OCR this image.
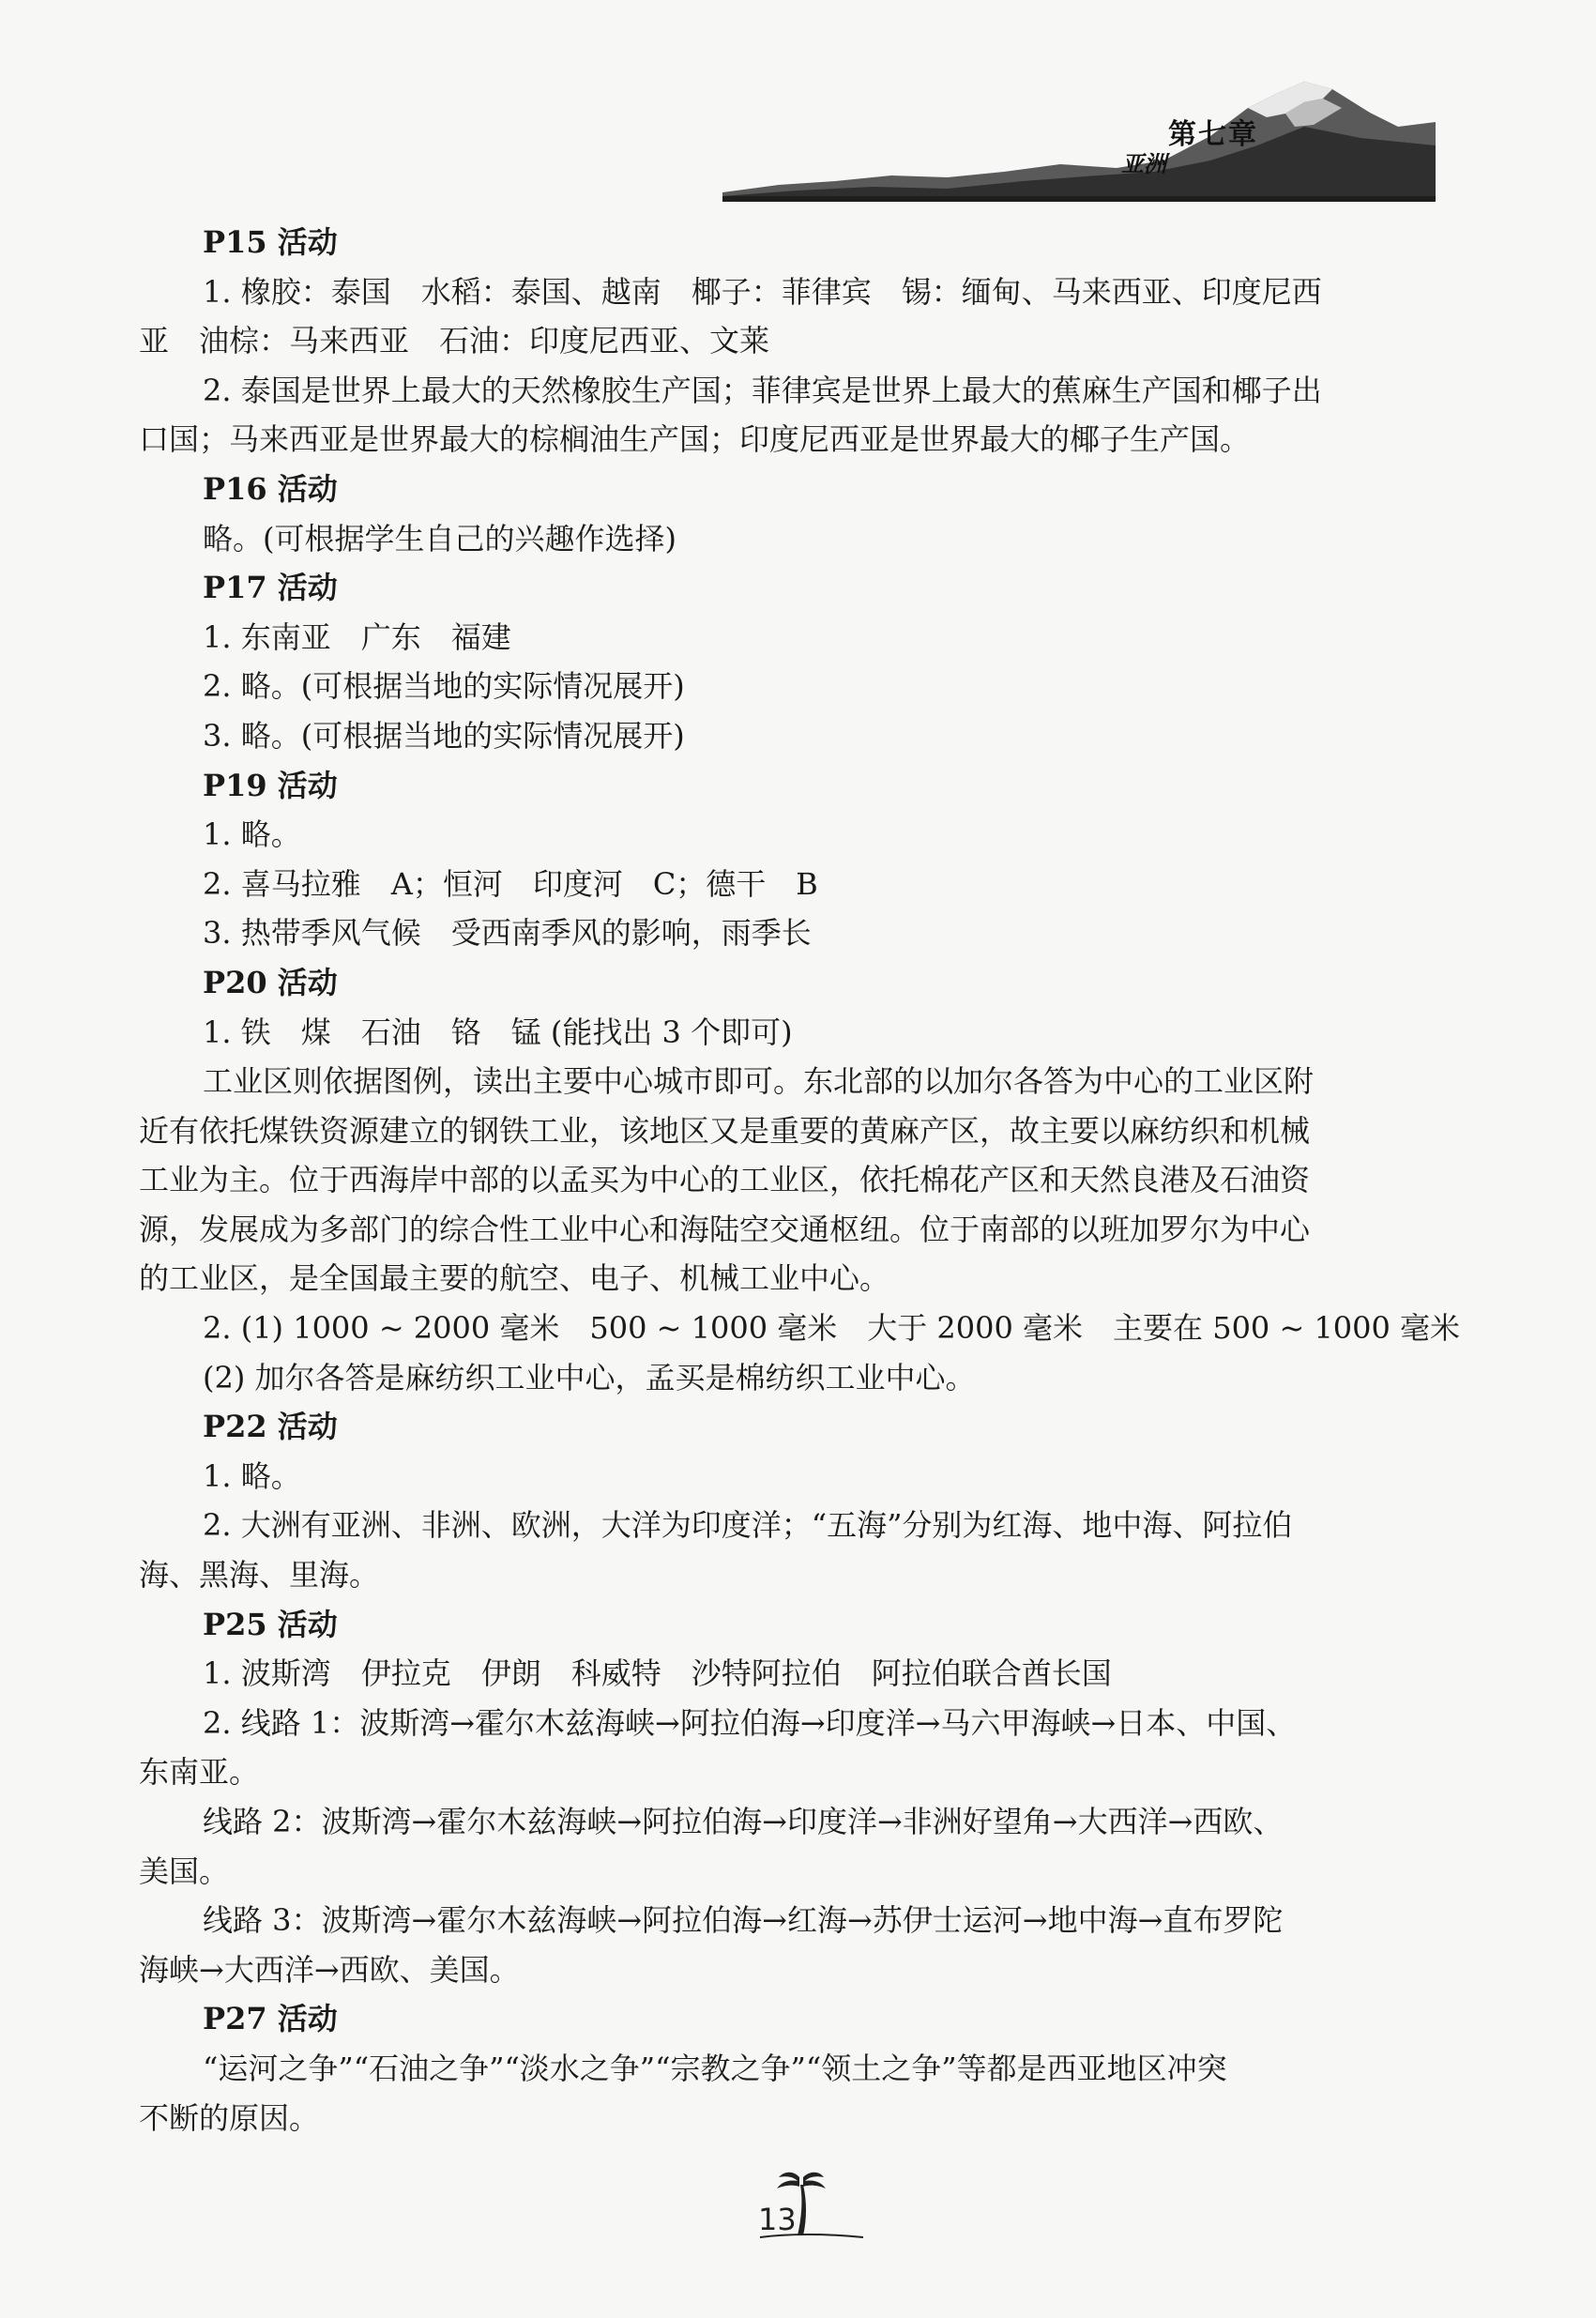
第七章
亚洲
P15 活动
1. 橡胶：泰国　水稻：泰国、越南　椰子：菲律宾　锡：缅甸、马来西亚、印度尼西
亚　油棕：马来西亚　石油：印度尼西亚、文莱
2. 泰国是世界上最大的天然橡胶生产国；菲律宾是世界上最大的蕉麻生产国和椰子出
口国；马来西亚是世界最大的棕榈油生产国；印度尼西亚是世界最大的椰子生产国。
P16 活动
略。(可根据学生自己的兴趣作选择)
P17 活动
1. 东南亚　广东　福建
2. 略。(可根据当地的实际情况展开)
3. 略。(可根据当地的实际情况展开)
P19 活动
1. 略。
2. 喜马拉雅　A；恒河　印度河　C；德干　B
3. 热带季风气候　受西南季风的影响，雨季长
P20 活动
1. 铁　煤　石油　铬　锰 (能找出 3 个即可)
工业区则依据图例，读出主要中心城市即可。东北部的以加尔各答为中心的工业区附
近有依托煤铁资源建立的钢铁工业，该地区又是重要的黄麻产区，故主要以麻纺织和机械
工业为主。位于西海岸中部的以孟买为中心的工业区，依托棉花产区和天然良港及石油资
源，发展成为多部门的综合性工业中心和海陆空交通枢纽。位于南部的以班加罗尔为中心
的工业区，是全国最主要的航空、电子、机械工业中心。
2. (1) 1000 ~ 2000 毫米　500 ~ 1000 毫米　大于 2000 毫米　主要在 500 ~ 1000 毫米
(2) 加尔各答是麻纺织工业中心，孟买是棉纺织工业中心。
P22 活动
1. 略。
2. 大洲有亚洲、非洲、欧洲，大洋为印度洋；“五海”分别为红海、地中海、阿拉伯
海、黑海、里海。
P25 活动
1. 波斯湾　伊拉克　伊朗　科威特　沙特阿拉伯　阿拉伯联合酋长国
2. 线路 1：波斯湾→霍尔木兹海峡→阿拉伯海→印度洋→马六甲海峡→日本、中国、
东南亚。
线路 2：波斯湾→霍尔木兹海峡→阿拉伯海→印度洋→非洲好望角→大西洋→西欧、
美国。
线路 3：波斯湾→霍尔木兹海峡→阿拉伯海→红海→苏伊士运河→地中海→直布罗陀
海峡→大西洋→西欧、美国。
P27 活动
“运河之争”“石油之争”“淡水之争”“宗教之争”“领土之争”等都是西亚地区冲突
不断的原因。
13
